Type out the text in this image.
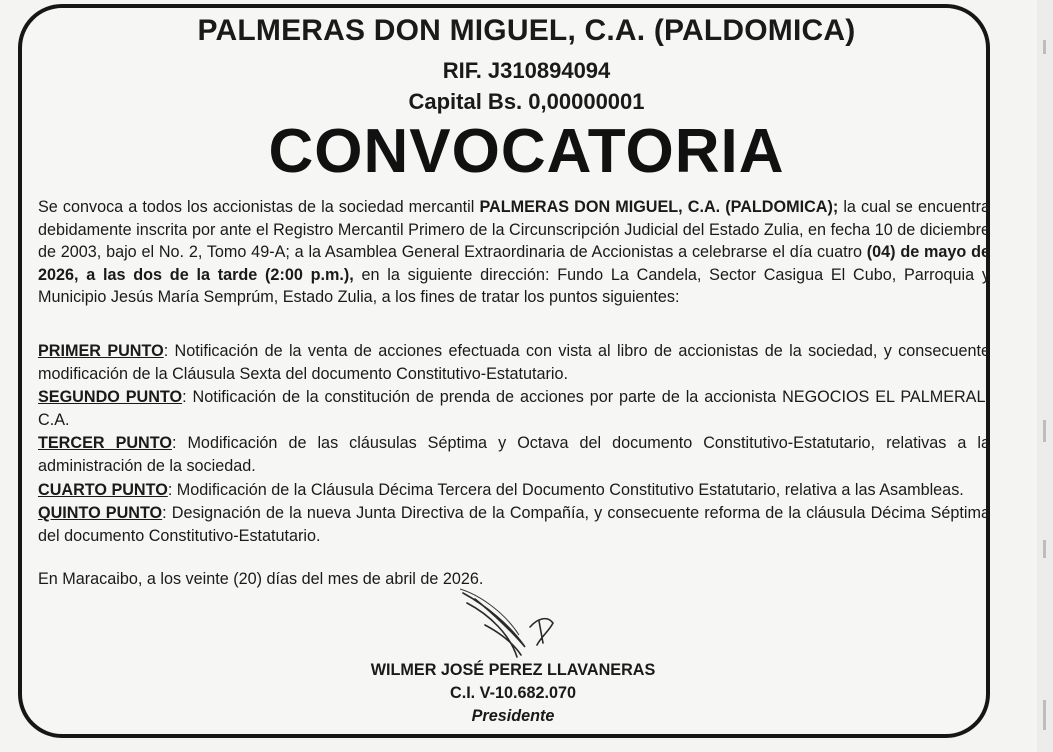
PALMERAS DON MIGUEL, C.A. (PALDOMICA)
RIF. J310894094
Capital Bs. 0,00000001
CONVOCATORIA
Se convoca a todos los accionistas de la sociedad mercantil PALMERAS DON MIGUEL, C.A. (PALDOMICA); la cual se encuentra debidamente inscrita por ante el Registro Mercantil Primero de la Circunscripción Judicial del Estado Zulia, en fecha 10 de diciembre de 2003, bajo el No. 2, Tomo 49-A; a la Asamblea General Extraordinaria de Accionistas a celebrarse el día cuatro (04) de mayo de 2026, a las dos de la tarde (2:00 p.m.), en la siguiente dirección: Fundo La Candela, Sector Casigua El Cubo, Parroquia y Municipio Jesús María Semprúm, Estado Zulia, a los fines de tratar los puntos siguientes:
PRIMER PUNTO: Notificación de la venta de acciones efectuada con vista al libro de accionistas de la sociedad, y consecuente modificación de la Cláusula Sexta del documento Constitutivo-Estatutario.
SEGUNDO PUNTO: Notificación de la constitución de prenda de acciones por parte de la accionista NEGOCIOS EL PALMERAL, C.A.
TERCER PUNTO: Modificación de las cláusulas Séptima y Octava del documento Constitutivo-Estatutario, relativas a la administración de la sociedad.
CUARTO PUNTO: Modificación de la Cláusula Décima Tercera del Documento Constitutivo Estatutario, relativa a las Asambleas.
QUINTO PUNTO: Designación de la nueva Junta Directiva de la Compañía, y consecuente reforma de la cláusula Décima Séptima del documento Constitutivo-Estatutario.
En Maracaibo, a los veinte (20) días del mes de abril de 2026.
WILMER JOSÉ PEREZ LLAVANERAS
C.I. V-10.682.070
Presidente
